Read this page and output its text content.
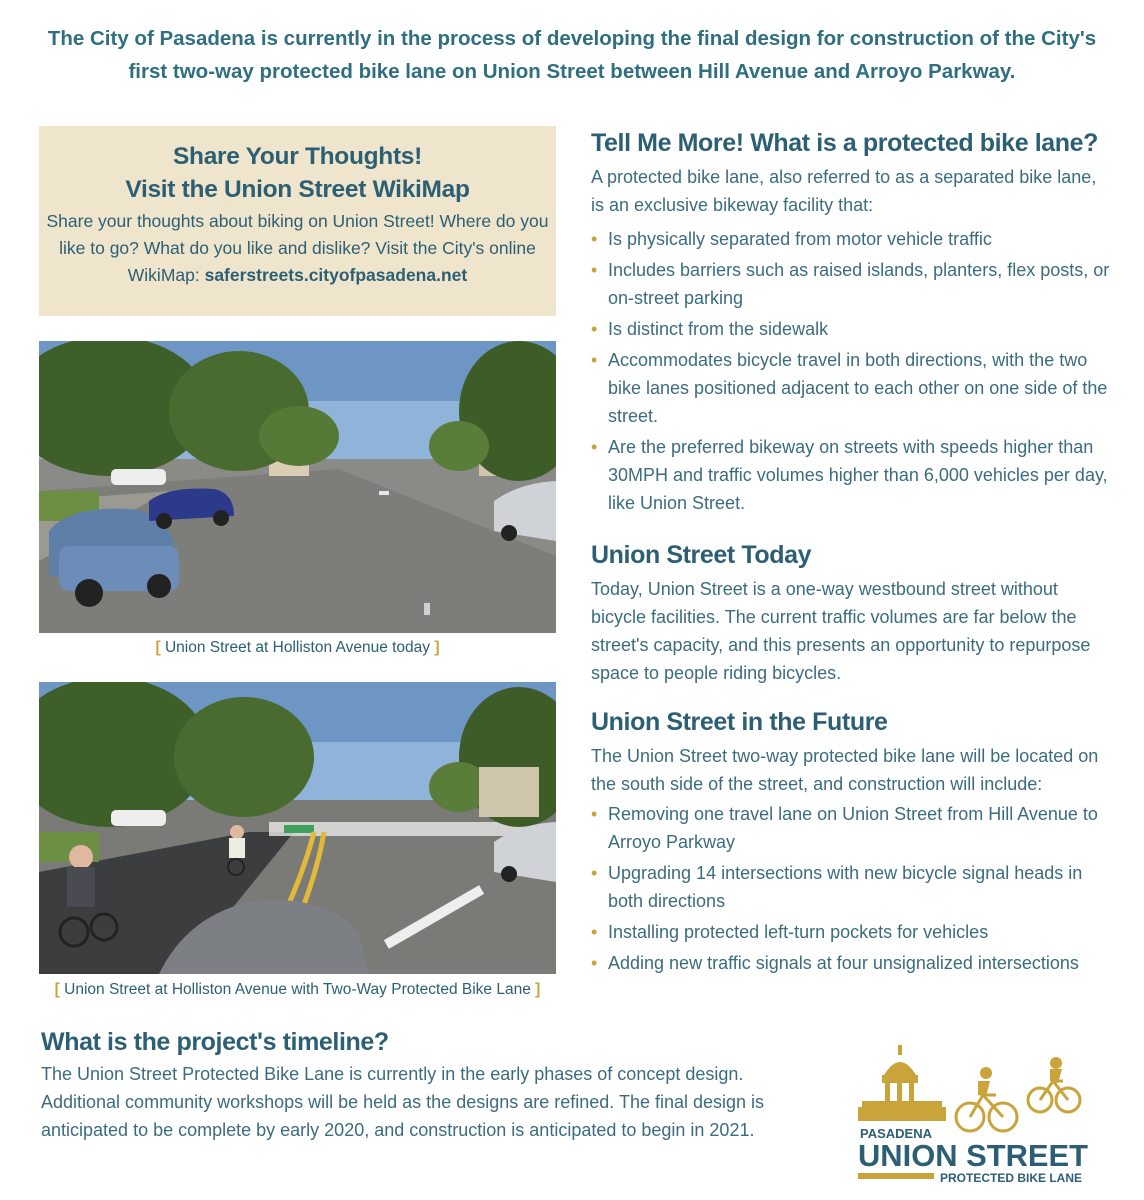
The City of Pasadena is currently in the process of developing the final design for construction of the City's first two-way protected bike lane on Union Street between Hill Avenue and Arroyo Parkway.
Share Your Thoughts!
Visit the Union Street WikiMap
Share your thoughts about biking on Union Street! Where do you like to go? What do you like and dislike? Visit the City's online WikiMap: saferstreets.cityofpasadena.net
[ Union Street at Holliston Avenue today ]
[ Union Street at Holliston Avenue with Two-Way Protected Bike Lane ]
Tell Me More! What is a protected bike lane?

A protected bike lane, also referred to as a separated bike lane, is an exclusive bikeway facility that:

• Is physically separated from motor vehicle traffic
• Includes barriers such as raised islands, planters, flex posts, or on-street parking
• Is distinct from the sidewalk
• Accommodates bicycle travel in both directions, with the two bike lanes positioned adjacent to each other on one side of the street.
• Are the preferred bikeway on streets with speeds higher than 30MPH and traffic volumes higher than 6,000 vehicles per day, like Union Street.
Union Street Today

Today, Union Street is a one-way westbound street without bicycle facilities. The current traffic volumes are far below the street's capacity, and this presents an opportunity to repurpose space to people riding bicycles.

Union Street in the Future

The Union Street two-way protected bike lane will be located on the south side of the street, and construction will include:

• Removing one travel lane on Union Street from Hill Avenue to Arroyo Parkway
• Upgrading 14 intersections with new bicycle signal heads in both directions
• Installing protected left-turn pockets for vehicles
• Adding new traffic signals at four unsignalized intersections
What is the project's timeline?

The Union Street Protected Bike Lane is currently in the early phases of concept design. Additional community workshops will be held as the designs are refined. The final design is anticipated to be complete by early 2020, and construction is anticipated to begin in 2021.	PASADENA
UNION STREET
PROTECTED BIKE LANE
